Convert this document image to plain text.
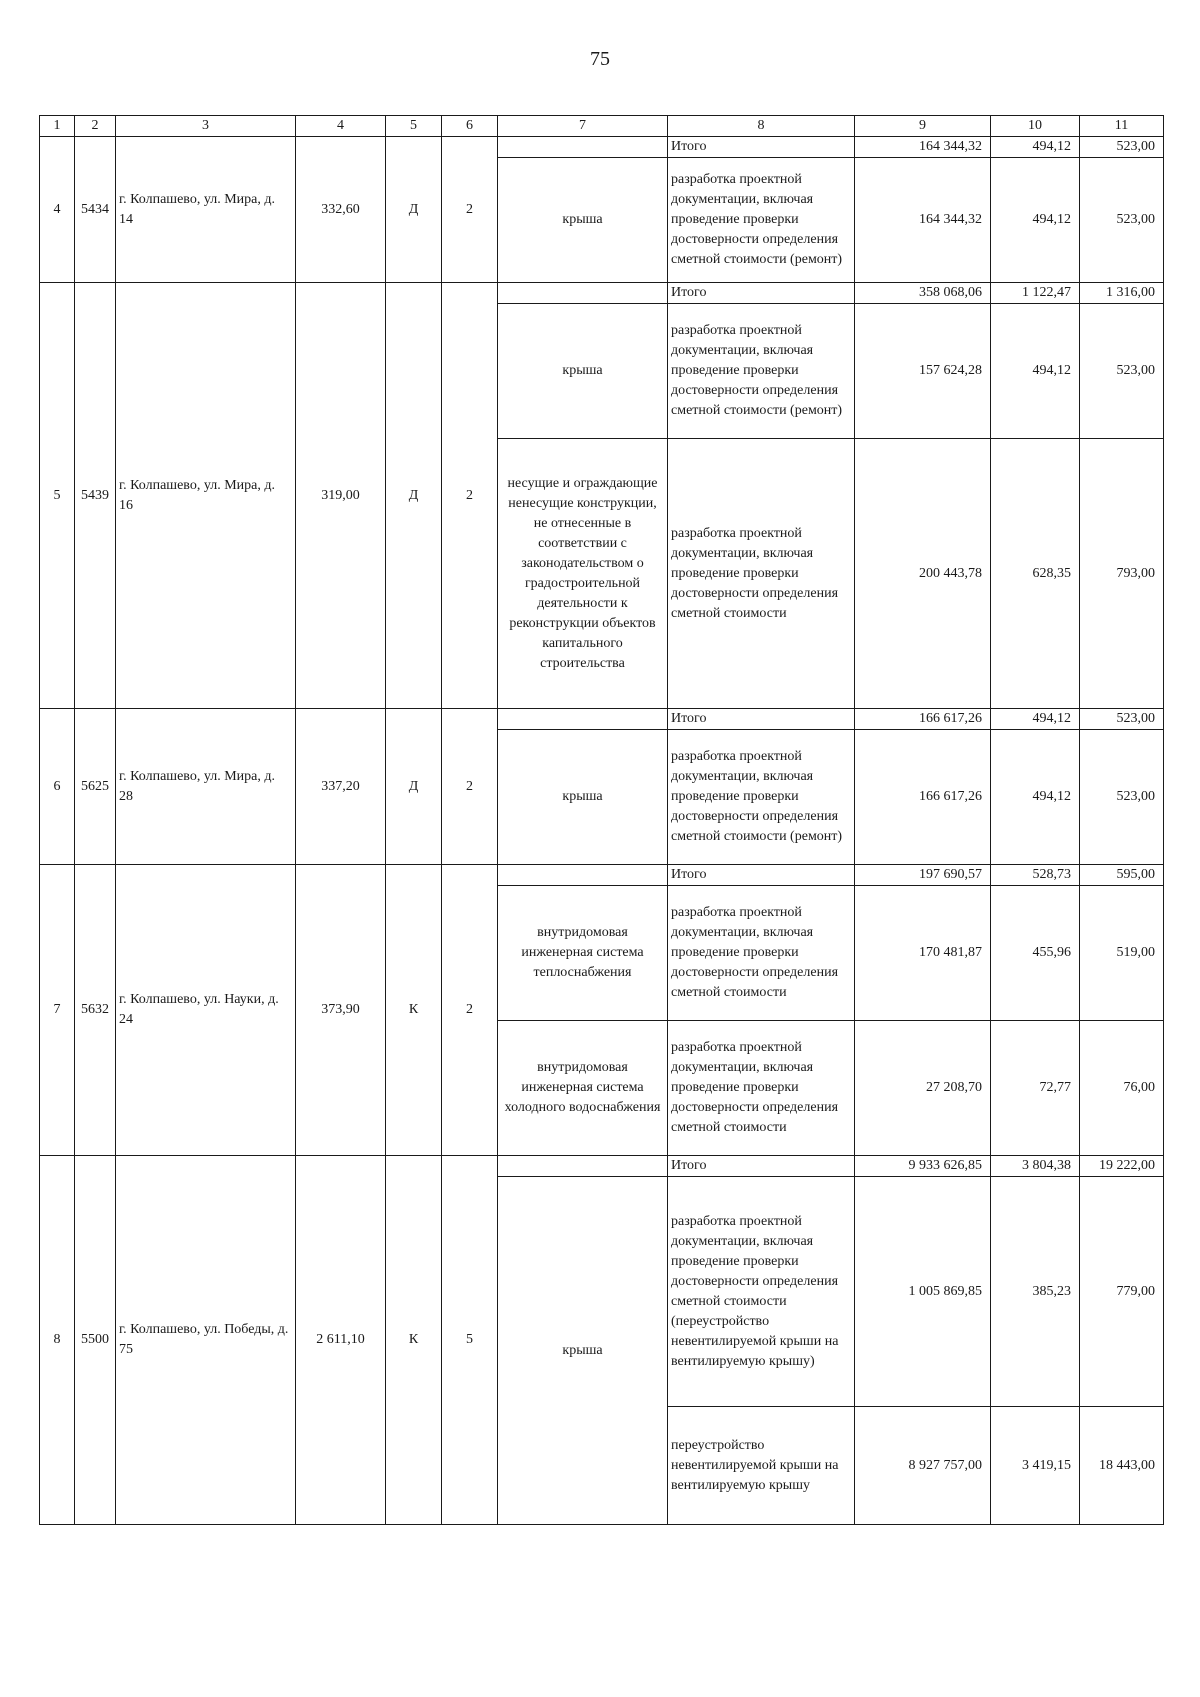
75
1	2	3	4	5	6	7	8	9	10	11
4	5434	г. Колпашево, ул. Мира, д. 14	332,60	Д	2		Итого	164 344,32	494,12	523,00
						крыша	разработка проектной документации, включая проведение проверки достоверности определения сметной стоимости (ремонт)	164 344,32	494,12	523,00
5	5439	г. Колпашево, ул. Мира, д. 16	319,00	Д	2		Итого	358 068,06	1 122,47	1 316,00
						крыша	разработка проектной документации, включая проведение проверки достоверности определения сметной стоимости (ремонт)	157 624,28	494,12	523,00
						несущие и ограждающие ненесущие конструкции, не отнесенные в соответствии с законодательством о градостроительной деятельности к реконструкции объектов капитального строительства	разработка проектной документации, включая проведение проверки достоверности определения сметной стоимости	200 443,78	628,35	793,00
6	5625	г. Колпашево, ул. Мира, д. 28	337,20	Д	2		Итого	166 617,26	494,12	523,00
						крыша	разработка проектной документации, включая проведение проверки достоверности определения сметной стоимости (ремонт)	166 617,26	494,12	523,00
7	5632	г. Колпашево, ул. Науки, д. 24	373,90	К	2		Итого	197 690,57	528,73	595,00
						внутридомовая инженерная система теплоснабжения	разработка проектной документации, включая проведение проверки достоверности определения сметной стоимости	170 481,87	455,96	519,00
						внутридомовая инженерная система холодного водоснабжения	разработка проектной документации, включая проведение проверки достоверности определения сметной стоимости	27 208,70	72,77	76,00
8	5500	г. Колпашево, ул. Победы, д. 75	2 611,10	К	5		Итого	9 933 626,85	3 804,38	19 222,00
						крыша	разработка проектной документации, включая проведение проверки достоверности определения сметной стоимости (переустройство невентилируемой крыши на вентилируемую крышу)	1 005 869,85	385,23	779,00
							переустройство невентилируемой крыши на вентилируемую крышу	8 927 757,00	3 419,15	18 443,00
